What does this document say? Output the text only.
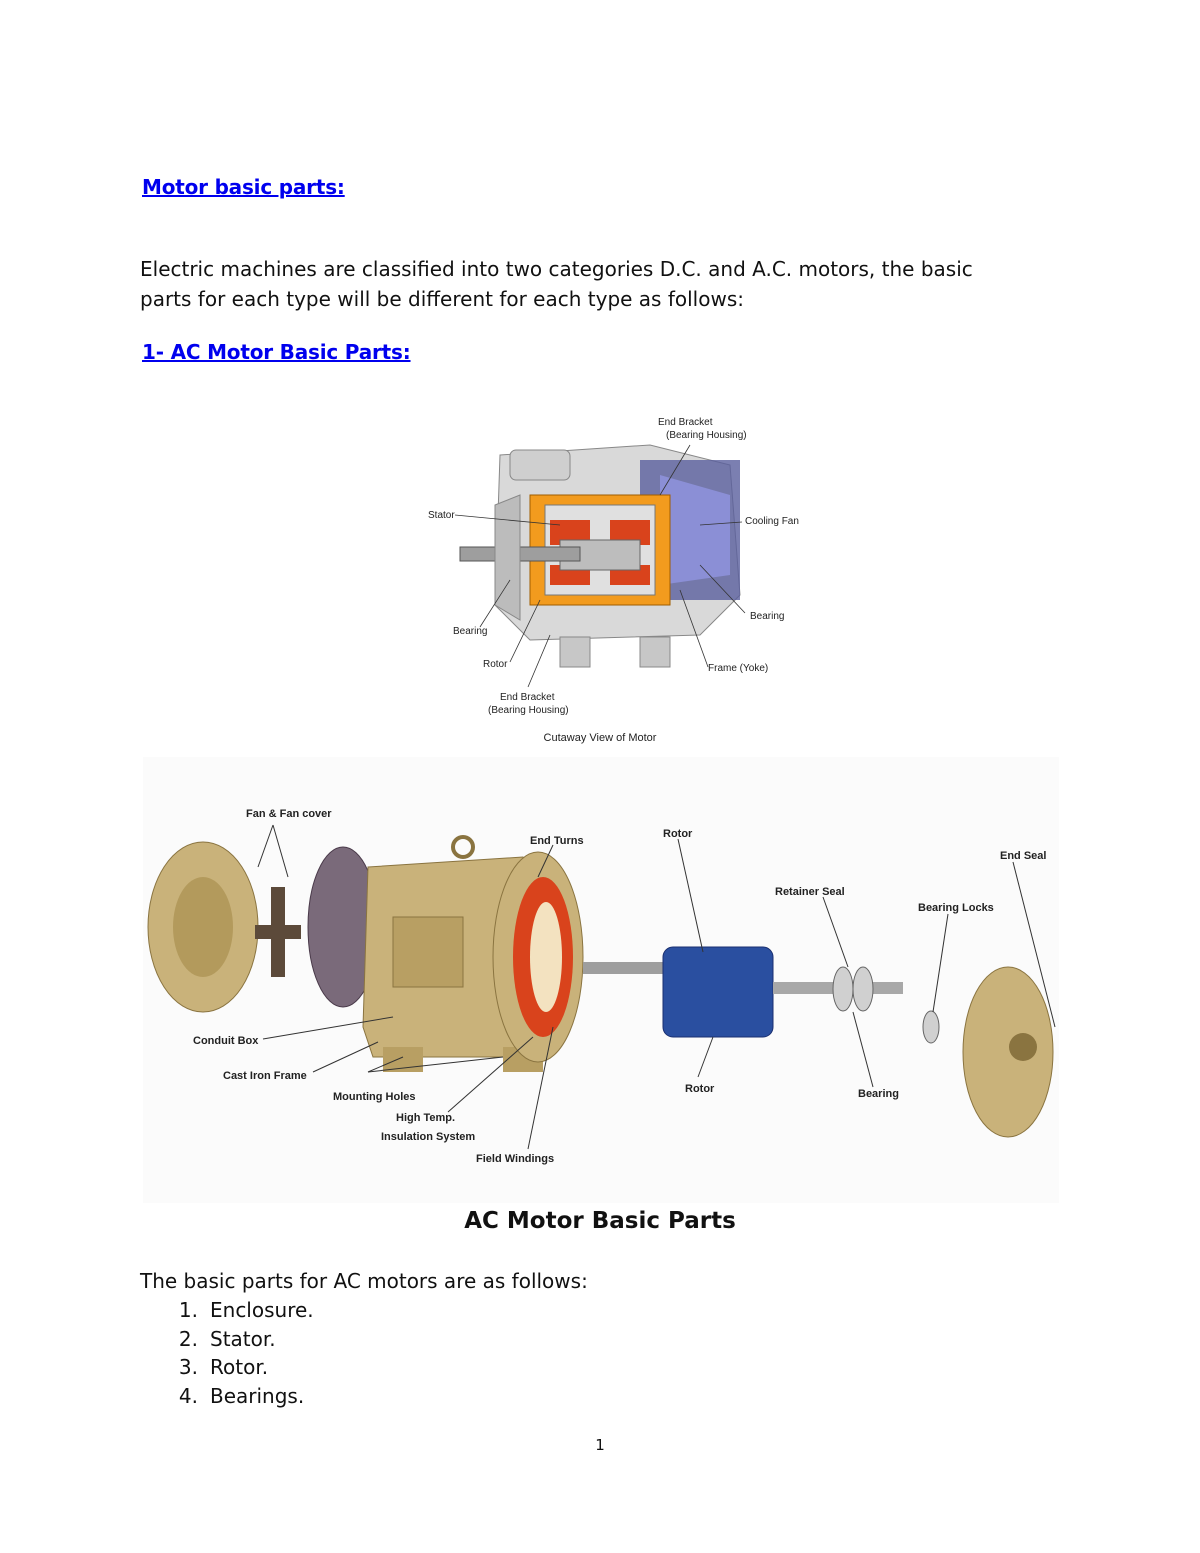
Motor basic parts:
Electric machines are classified into two categories D.C. and A.C. motors, the basic
parts for each type will be different for each type as follows:
1- AC Motor Basic Parts:
End Bracket
(Bearing Housing)
Stator
Cooling Fan
Bearing
Bearing
Rotor	Frame (Yoke)
End Bracket
(Bearing Housing)
Cutaway View of Motor
Fan & Fan cover
End Turns
Rotor
End Seal
Retainer Seal
Bearing Locks
Conduit Box
Cast Iron Frame
Mounting Holes
High Temp.
Insulation System
Field Windings
Rotor	Bearing
AC Motor Basic Parts
The basic parts for AC motors are as follows:
1. Enclosure.
2. Stator.
3. Rotor.
4. Bearings.
1
